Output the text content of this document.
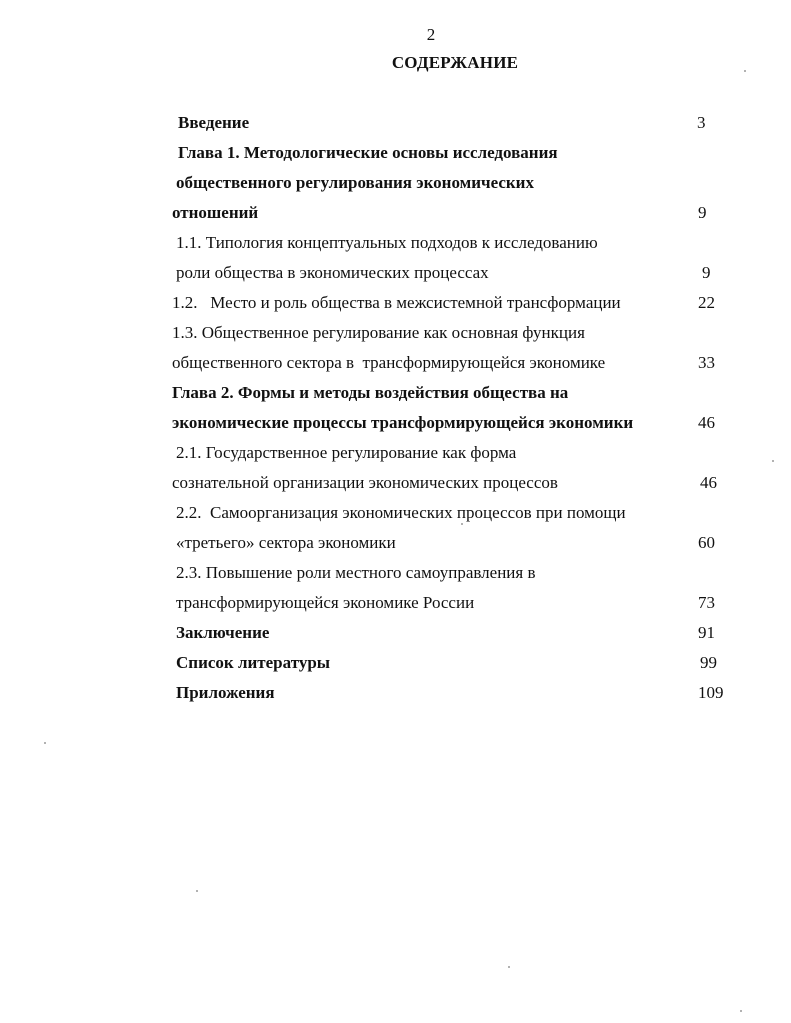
2
СОДЕРЖАНИЕ
Введение	3
Глава 1. Методологические основы исследования
общественного регулирования экономических
отношений	9
1.1. Типология концептуальных подходов к исследованию
роли общества в экономических процессах	9
1.2.   Место и роль общества в межсистемной трансформации	22
1.3. Общественное регулирование как основная функция
общественного сектора в  трансформирующейся экономике	33
Глава 2. Формы и методы воздействия общества на
экономические процессы трансформирующейся экономики	46
2.1. Государственное регулирование как форма
сознательной организации экономических процессов	46
2.2.  Самоорганизация экономических процессов при помощи
«третьего» сектора экономики	60
2.3. Повышение роли местного самоуправления в
трансформирующейся экономике России	73
Заключение	91
Список литературы	99
Приложения	109
